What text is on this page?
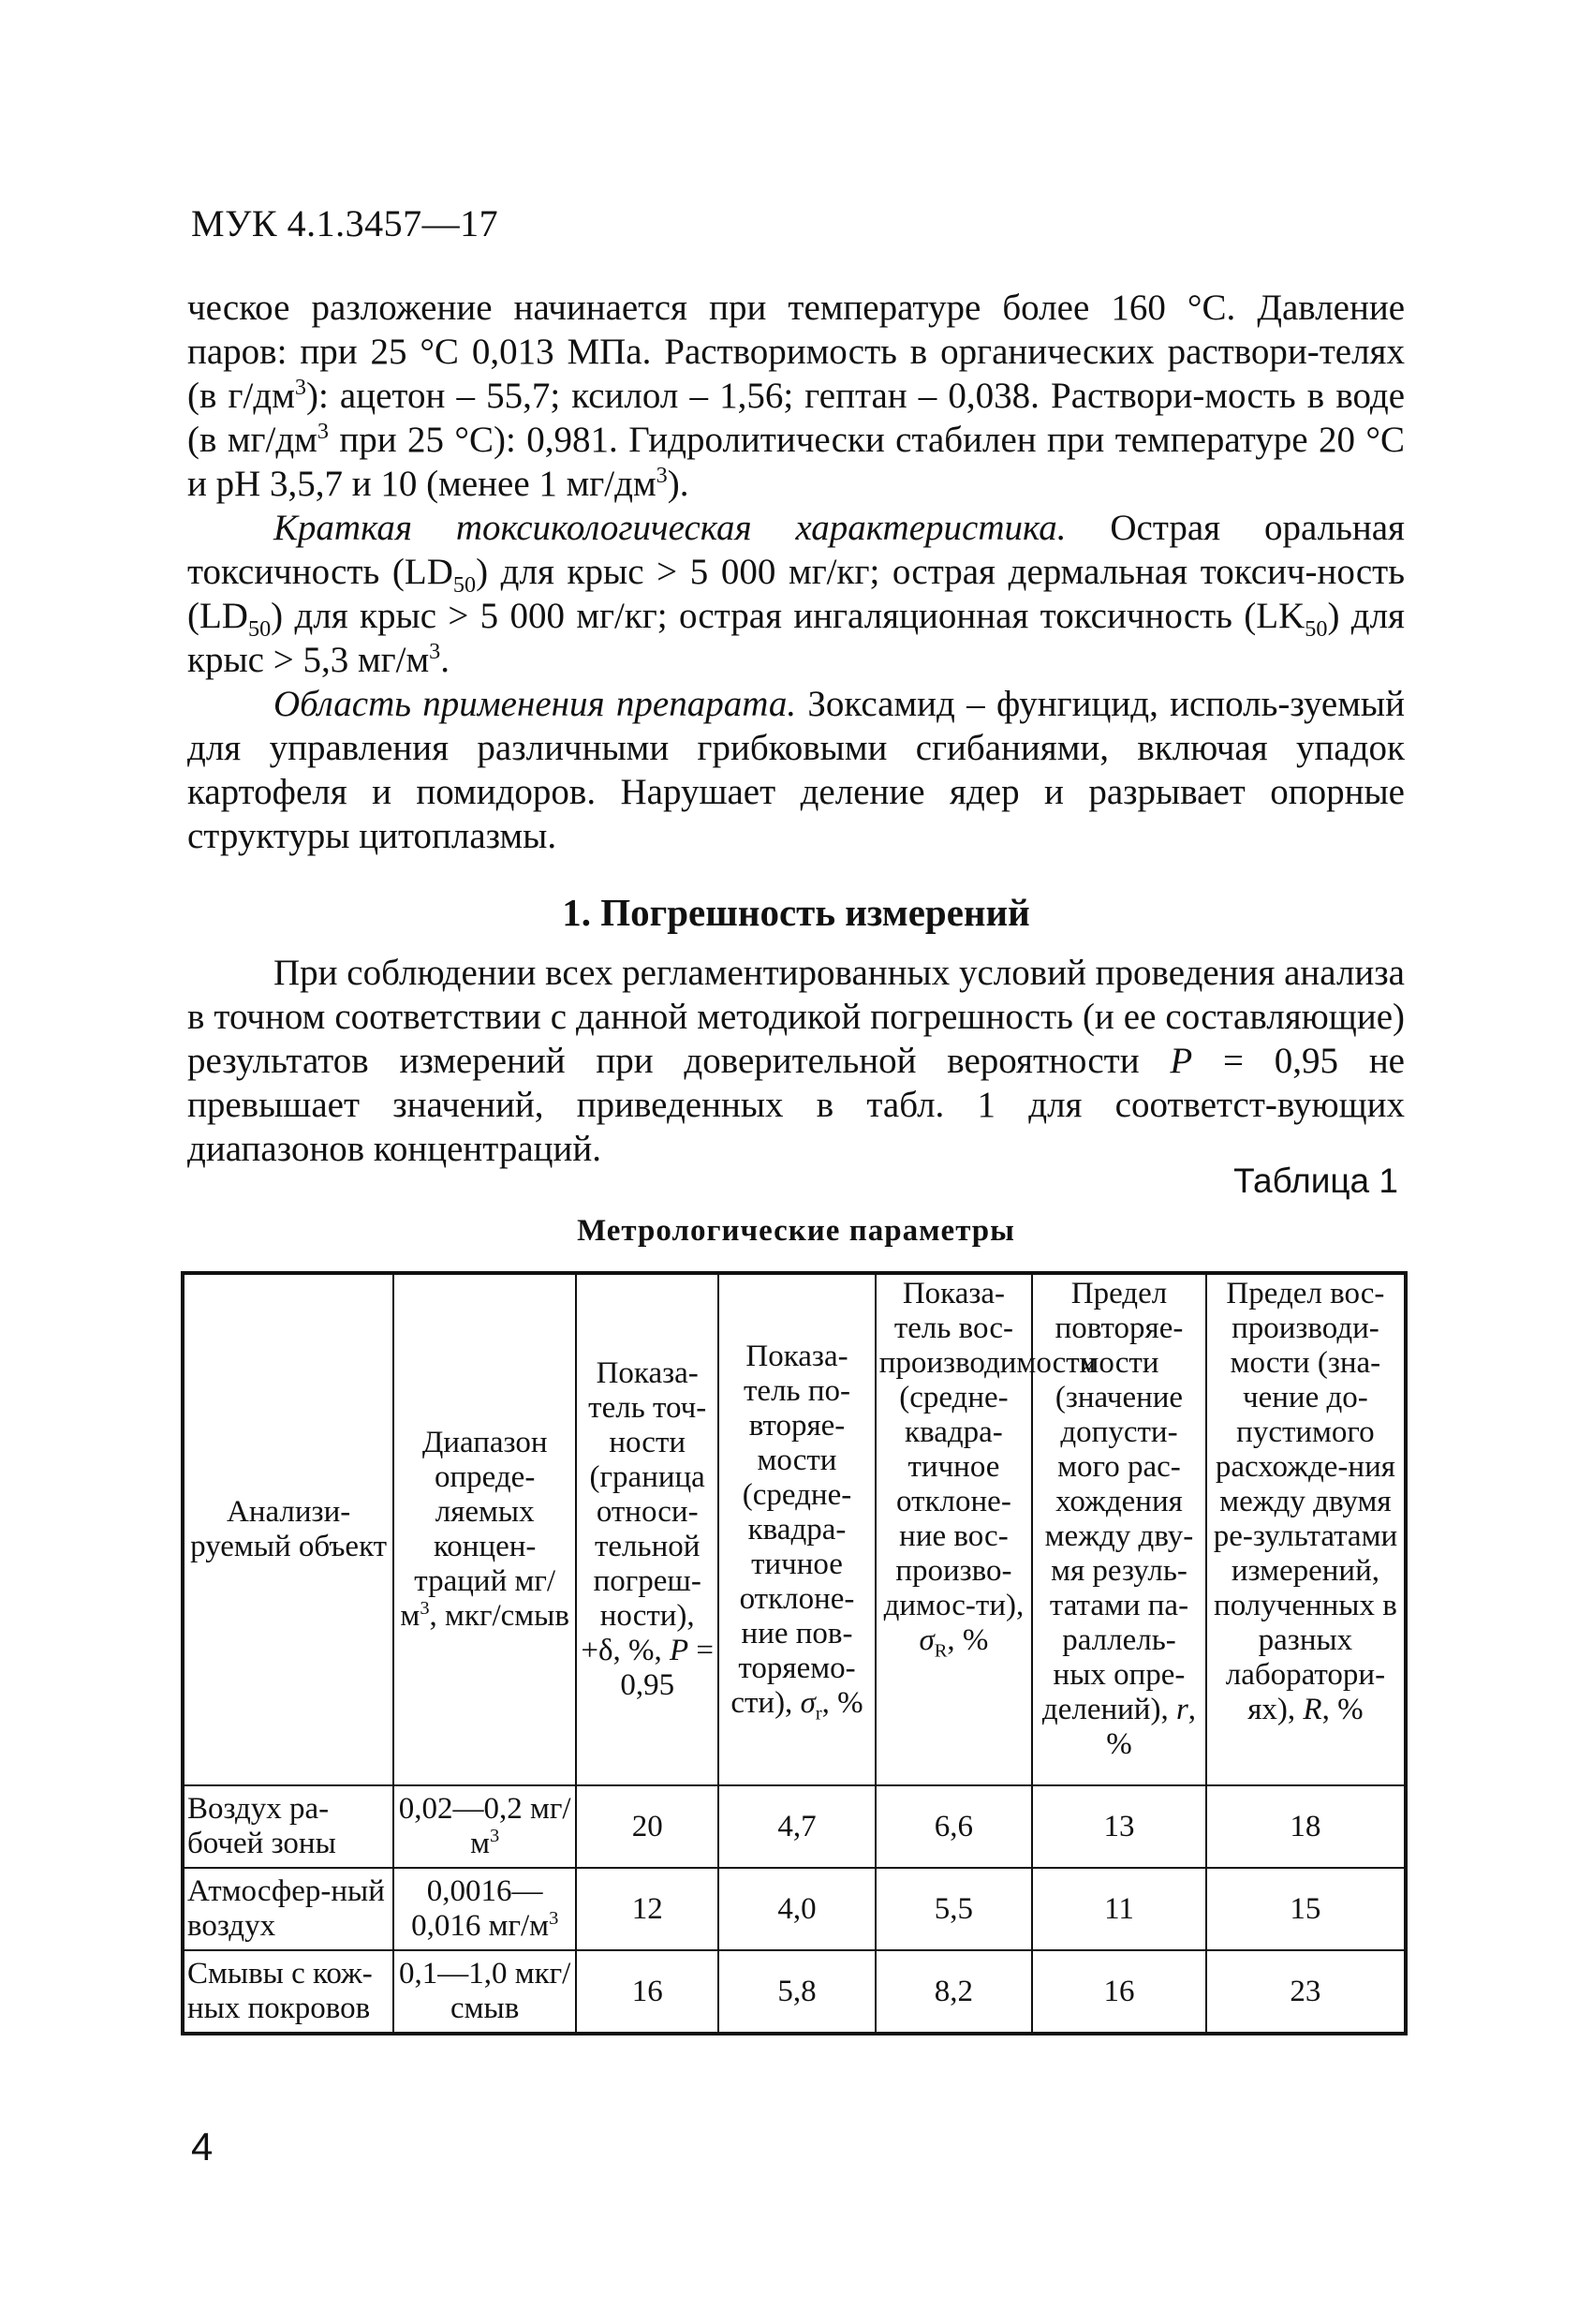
МУК 4.1.3457—17

ческое разложение начинается при температуре более 160 °С. Давление паров: при 25 °С 0,013 МПа. Растворимость в органических раствори-телях (в $г/дм^3$): ацетон – 55,7; ксилол – 1,56; гептан – 0,038. Раствори-мость в воде (в $мг/дм^3$ при 25 °С): 0,981. Гидролитически стабилен при температуре 20 °С и рН 3,5,7 и 10 (менее 1 $мг/дм^3$).

Краткая токсикологическая характеристика. Острая оральная токсичность $(LD_{50})$ для крыс > 5 000 мг/кг; острая дермальная токсич-ность $(LD_{50})$ для крыс > 5 000 мг/кг; острая ингаляционная токсичность $(LK_{50})$ для крыс > 5,3 $мг/м^3$.

Область применения препарата. Зоксамид – фунгицид, исполь-зуемый для управления различными грибковыми сгибаниями, включая упадок картофеля и помидоров. Нарушает деление ядер и разрывает опорные структуры цитоплазмы.

1. Погрешность измерений
При соблюдении всех регламентированных условий проведения анализа в точном соответствии с данной методикой погрешность (и ее составляющие) результатов измерений при доверительной вероятности P = 0,95 не превышает значений, приведенных в табл. 1 для соответст-вующих диапазонов концентраций.
Таблица 1
Метрологические параметры
Анализи-руемый объект	Диапазон опреде-ляемых концен-траций $мг/м^3$, мкг/смыв	Показа-тель точ-ности (граница относи-тельной погреш-ности), +δ, %, P = 0,95	Показа-тель по-вторяе-мости (средне-квадра-тичное отклоне-ние пов-торяемо-сти), $\sigma_r$, %	Показа-тель вос-производимости (средне-квадра-тичное отклоне-ние вос-произво-димос-ти), $\sigma_R$, %	Предел повторяе-мости (значение допусти-мого рас-хождения между дву-мя резуль-татами па-раллель-ных опре-делений), r, %	Предел вос-производи-мости (зна-чение до-пустимого расхожде-ния между двумя ре-зультатами измерений, полученных в разных лаборатори-ях), R, %
Воздух ра-бочей зоны	0,02—0,2 $мг/м^3$	20	4,7	6,6	13	18
Атмосфер-ный воздух	0,0016—0,016 $мг/м^3$	12	4,0	5,5	11	15
Смывы с кож-ных покровов	0,1—1,0 мкг/смыв	16	5,8	8,2	16	23
4
